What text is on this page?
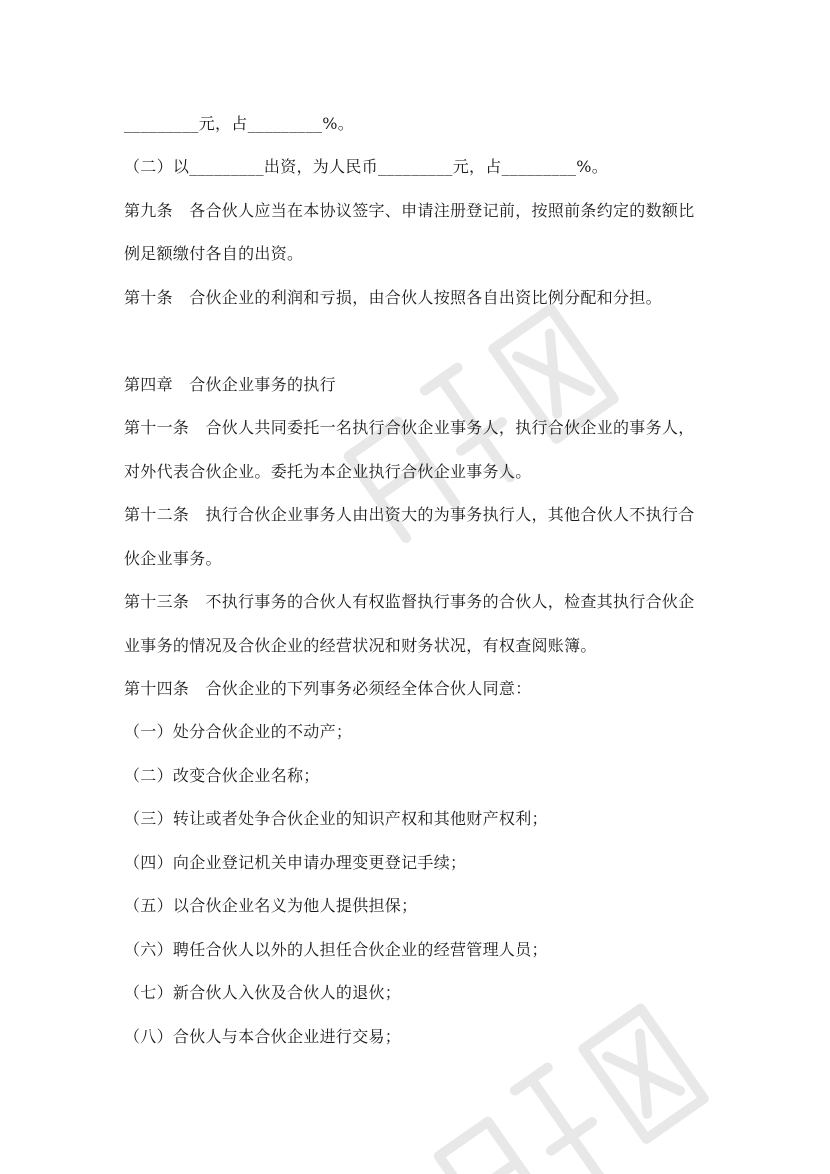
_________元，占_________%。
（二）以_________出资，为人民币_________元，占_________%。
第九条　各合伙人应当在本协议签字、申请注册登记前，按照前条约定的数额比
例足额缴付各自的出资。
第十条　合伙企业的利润和亏损，由合伙人按照各自出资比例分配和分担。
第四章　合伙企业事务的执行
第十一条　合伙人共同委托一名执行合伙企业事务人，执行合伙企业的事务人，
对外代表合伙企业。委托为本企业执行合伙企业事务人。
第十二条　执行合伙企业事务人由出资大的为事务执行人，其他合伙人不执行合
伙企业事务。
第十三条　不执行事务的合伙人有权监督执行事务的合伙人，检查其执行合伙企
业事务的情况及合伙企业的经营状况和财务状况，有权查阅账簿。
第十四条　合伙企业的下列事务必须经全体合伙人同意：
（一）处分合伙企业的不动产；
（二）改变合伙企业名称；
（三）转让或者处争合伙企业的知识产权和其他财产权利；
（四）向企业登记机关申请办理变更登记手续；
（五）以合伙企业名义为他人提供担保；
（六）聘任合伙人以外的人担任合伙企业的经营管理人员；
（七）新合伙人入伙及合伙人的退伙；
（八）合伙人与本合伙企业进行交易；
